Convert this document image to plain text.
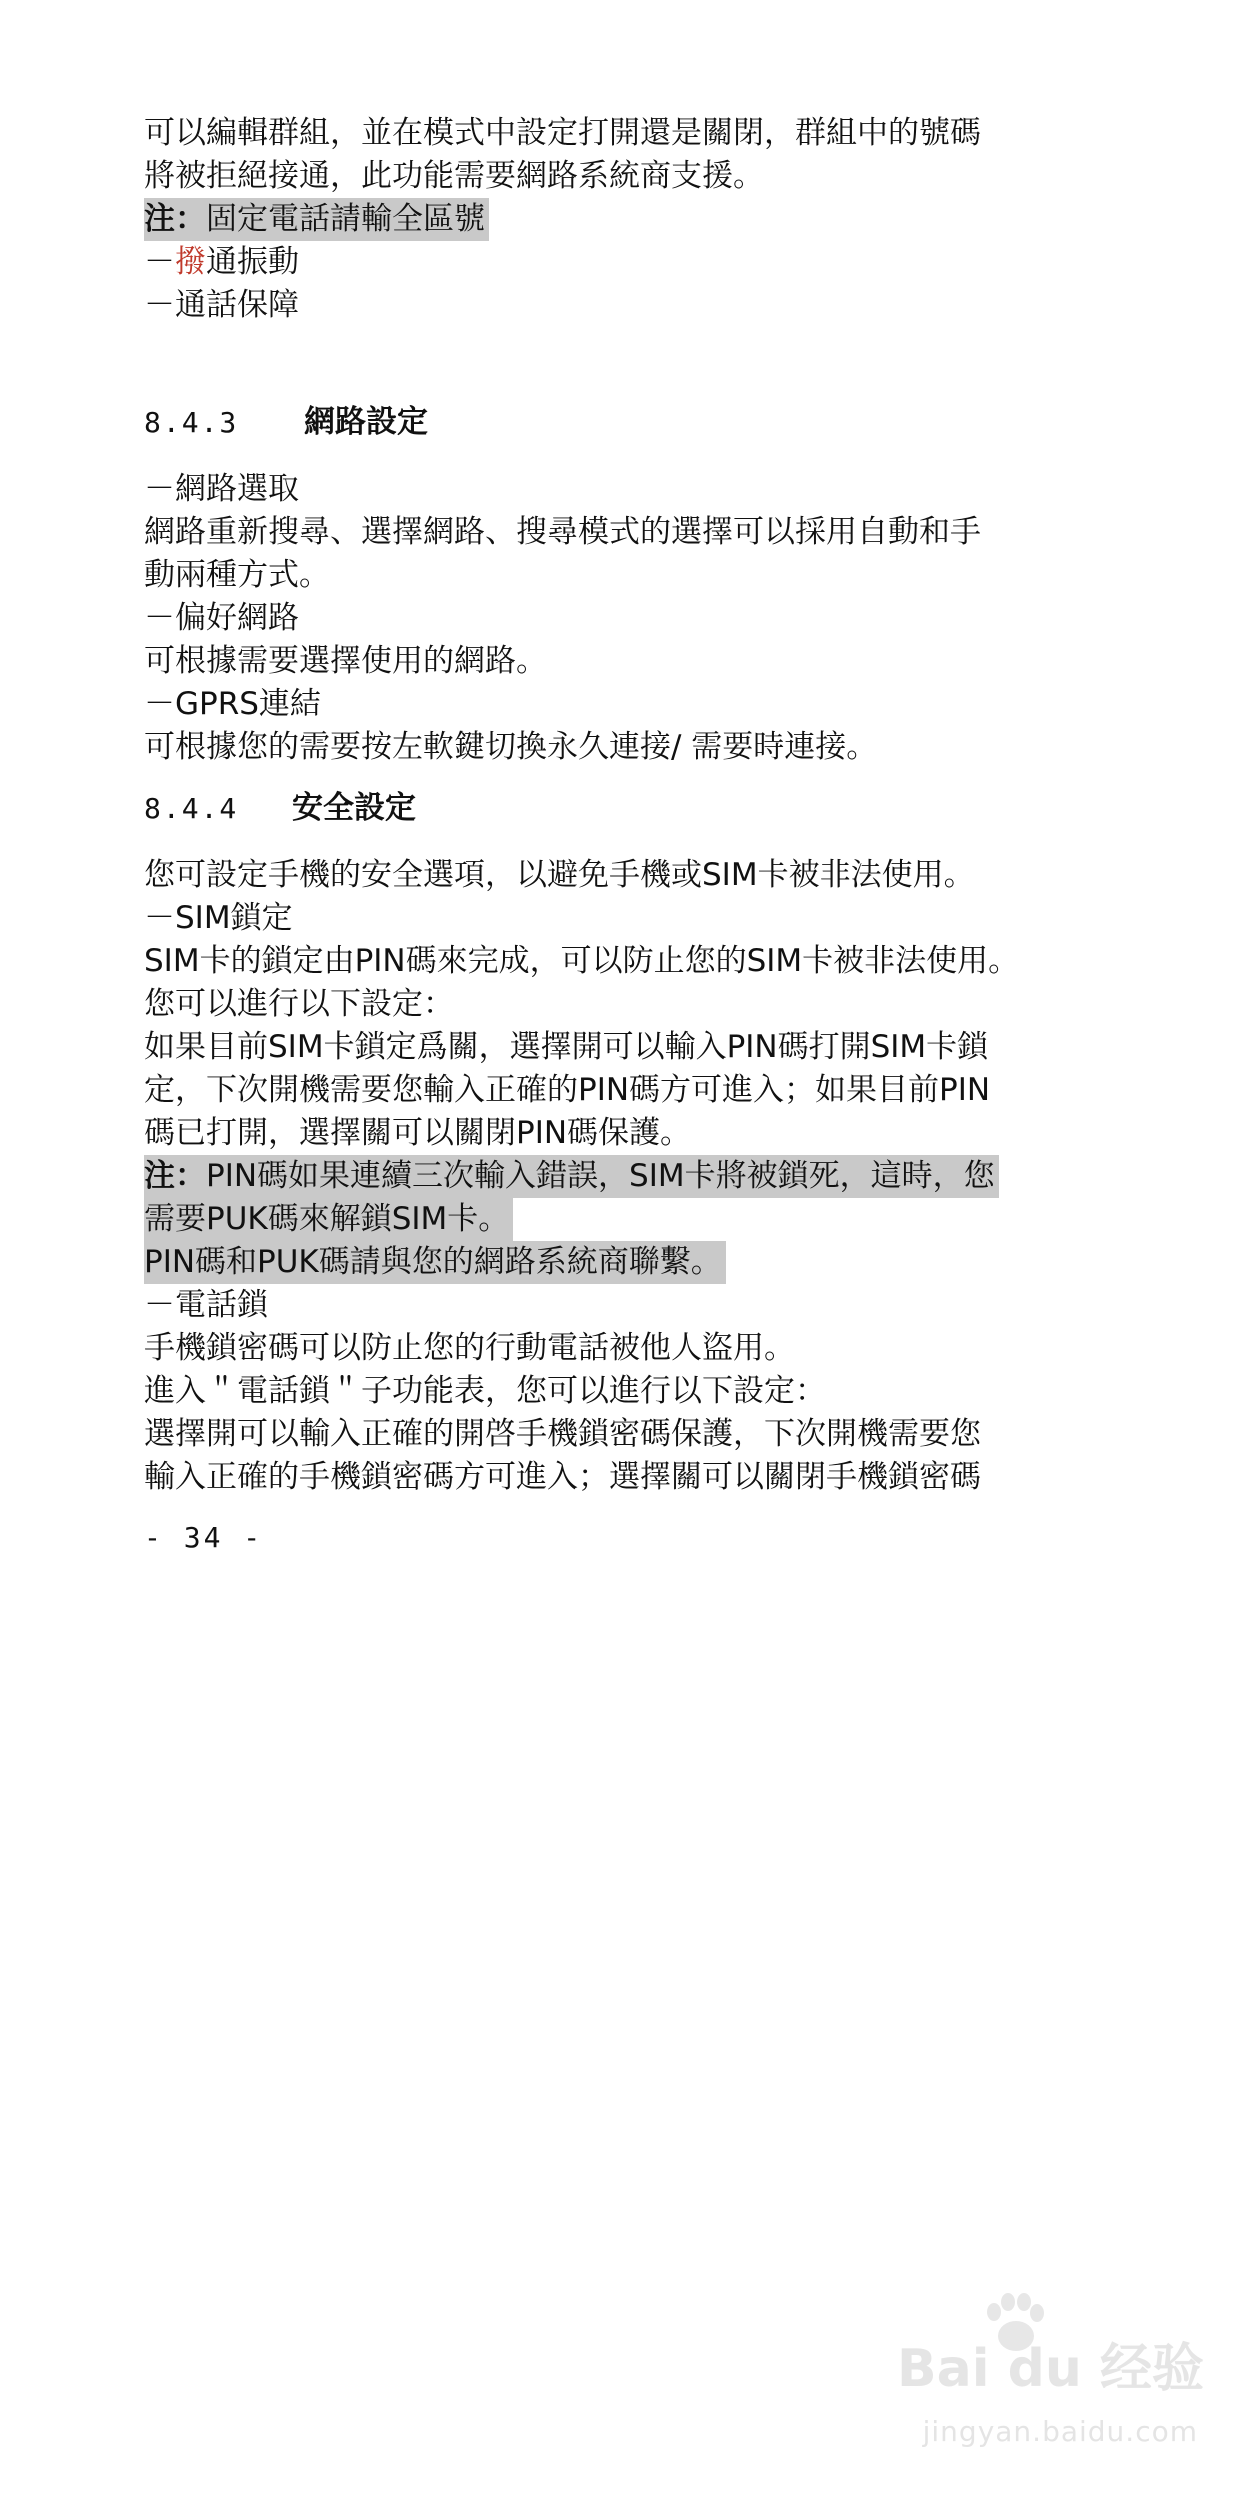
可以編輯群組，並在模式中設定打開還是關閉，群組中的號碼
將被拒絕接通，此功能需要網路系統商支援。
注：固定電話請輸全區號
－撥通振動
－通話保障
8.4.3 網路設定
－網路選取
網路重新搜尋、選擇網路、搜尋模式的選擇可以採用自動和手
動兩種方式。
－偏好網路
可根據需要選擇使用的網路。
－GPRS連結
可根據您的需要按左軟鍵切換永久連接/ 需要時連接。
8.4.4 安全設定
您可設定手機的安全選項，以避免手機或SIM卡被非法使用。
－SIM鎖定
SIM卡的鎖定由PIN碼來完成，可以防止您的SIM卡被非法使用。
您可以進行以下設定：
如果目前SIM卡鎖定爲關，選擇開可以輸入PIN碼打開SIM卡鎖
定，下次開機需要您輸入正確的PIN碼方可進入；如果目前PIN
碼已打開，選擇關可以關閉PIN碼保護。
注：PIN碼如果連續三次輸入錯誤，SIM卡將被鎖死，這時，您
需要PUK碼來解鎖SIM卡。
PIN碼和PUK碼請與您的網路系統商聯繫。
－電話鎖
手機鎖密碼可以防止您的行動電話被他人盜用。
進入＂電話鎖＂子功能表，您可以進行以下設定：
選擇開可以輸入正確的開啓手機鎖密碼保護，下次開機需要您
輸入正確的手機鎖密碼方可進入；選擇關可以關閉手機鎖密碼
- 34 -
Bai du 经验
jingyan.baidu.com
